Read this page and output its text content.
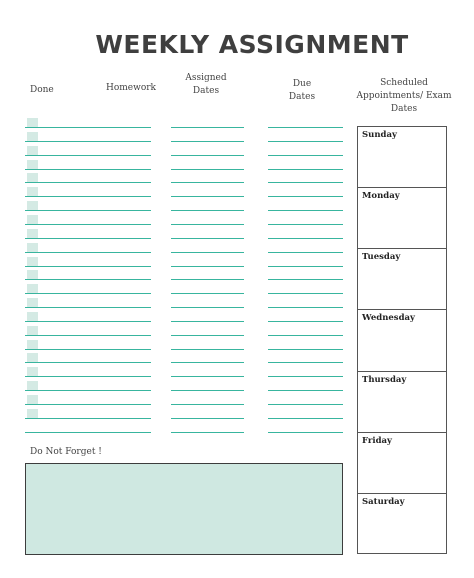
WEEKLY ASSIGNMENT
Done	Homework
Assigned Dates
Due Dates
Scheduled Appointments/ Exam Dates
Sunday
Monday
Tuesday
Wednesday
Thursday
Friday
Saturday
Do Not Forget !
